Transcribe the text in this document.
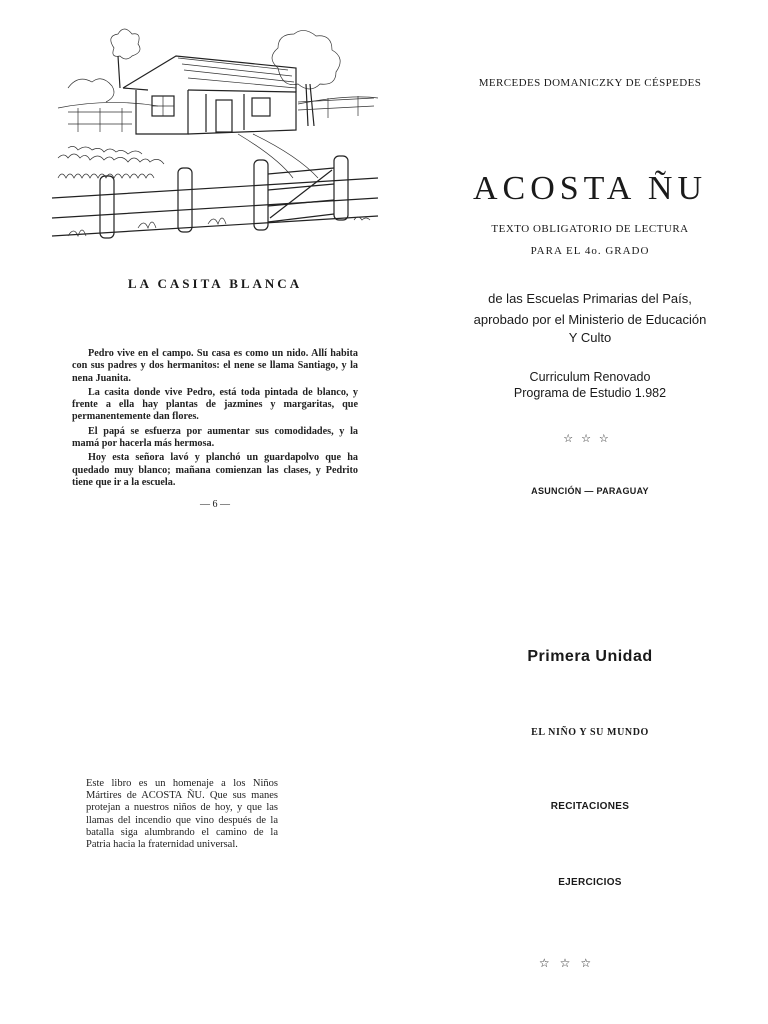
LA CASITA BLANCA

Pedro vive en el campo. Su casa es como un nido. Allí habita con sus padres y dos hermanitos: el nene se llama Santiago, y la nena Juanita.

La casita donde vive Pedro, está toda pintada de blanco, y frente a ella hay plantas de jazmines y margaritas, que permanentemente dan flores.

El papá se esfuerza por aumentar sus comodidades, y la mamá por hacerla más hermosa.

Hoy esta señora lavó y planchó un guardapolvo que ha quedado muy blanco; mañana comienzan las clases, y Pedrito tiene que ir a la escuela.

— 6 —
Este libro es un homenaje a los Niños Mártires de ACOSTA ÑU. Que sus manes protejan a nuestros niños de hoy, y que las llamas del incendio que vino después de la batalla siga alumbrando el camino de la Patria hacia la fraternidad universal.
MERCEDES DOMANICZKY DE CÉSPEDES
ACOSTA ÑU
TEXTO OBLIGATORIO DE LECTURA
PARA EL 4o. GRADO
de las Escuelas Primarias del País,
aprobado por el Ministerio de Educación
Y Culto
Curriculum Renovado
Programa de Estudio 1.982
☆☆☆
ASUNCIÓN — PARAGUAY
Primera Unidad
EL NIÑO Y SU MUNDO
RECITACIONES
EJERCICIOS
☆☆☆
